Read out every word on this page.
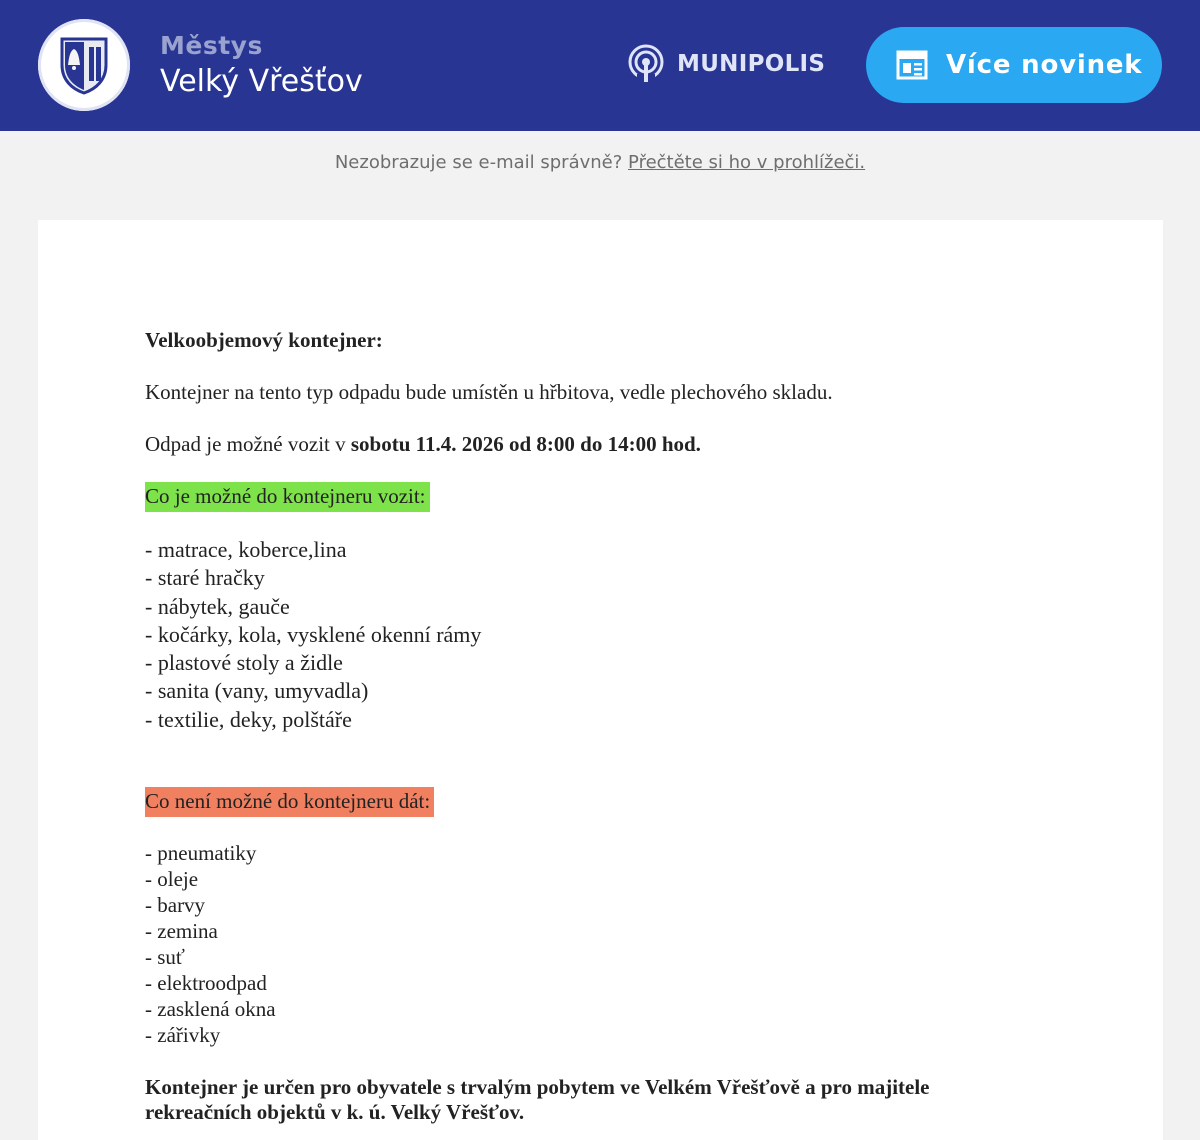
Městys
Velký Vřešťov	MUNIPOLIS	Více novinek
Nezobrazuje se e-mail správně? Přečtěte si ho v prohlížeči.
Velkoobjemový kontejner:
Kontejner na tento typ odpadu bude umístěn u hřbitova, vedle plechového skladu.
Odpad je možné vozit v sobotu 11.4. 2026 od 8:00 do 14:00 hod.
Co je možné do kontejneru vozit:
- matrace, koberce,lina
- staré hračky
- nábytek, gauče
- kočárky, kola, vysklené okenní rámy
- plastové stoly a židle
- sanita (vany, umyvadla)
- textilie, deky, polštáře
Co není možné do kontejneru dát:
- pneumatiky
- oleje
- barvy
- zemina
- suť
- elektroodpad
- zasklená okna
- zářivky
Kontejner je určen pro obyvatele s trvalým pobytem ve Velkém Vřešťově a pro majitele
rekreačních objektů v k. ú. Velký Vřešťov.
